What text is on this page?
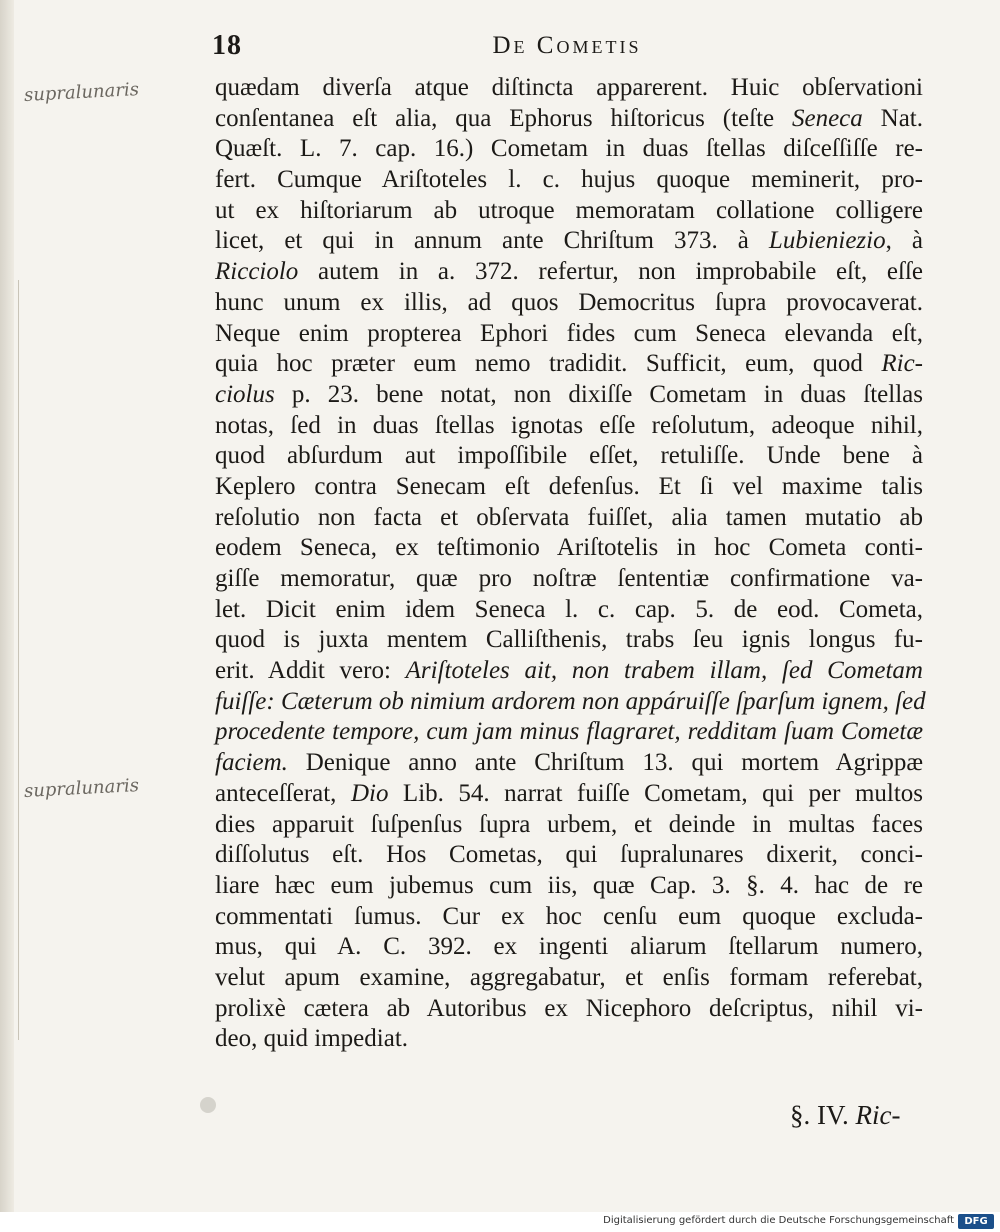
18	De Cometis
supralunaris
supralunaris
quædam diverſa atque diſtincta apparerent. Huic obſervationi
conſentanea eſt alia, qua Ephorus hiſtoricus (teſte Seneca Nat.
Quæſt. L. 7. cap. 16.) Cometam in duas ſtellas diſceſſiſſe re-
fert. Cumque Ariſtoteles l. c. hujus quoque meminerit, pro-
ut ex hiſtoriarum ab utroque memoratam collatione colligere
licet, et qui in annum ante Chriſtum 373. à Lubieniezio, à
Ricciolo autem in a. 372. refertur, non improbabile eſt, eſſe
hunc unum ex illis, ad quos Democritus ſupra provocaverat.
Neque enim propterea Ephori fides cum Seneca elevanda eſt,
quia hoc præter eum nemo tradidit. Sufficit, eum, quod Ric-
ciolus p. 23. bene notat, non dixiſſe Cometam in duas ſtellas
notas, ſed in duas ſtellas ignotas eſſe reſolutum, adeoque nihil,
quod abſurdum aut impoſſibile eſſet, retuliſſe. Unde bene à
Keplero contra Senecam eſt defenſus. Et ſi vel maxime talis
reſolutio non facta et obſervata fuiſſet, alia tamen mutatio ab
eodem Seneca, ex teſtimonio Ariſtotelis in hoc Cometa conti-
giſſe memoratur, quæ pro noſtræ ſententiæ confirmatione va-
let. Dicit enim idem Seneca l. c. cap. 5. de eod. Cometa,
quod is juxta mentem Calliſthenis, trabs ſeu ignis longus fu-
erit. Addit vero: Ariſtoteles ait, non trabem illam, ſed Cometam
fuiſſe: Cæterum ob nimium ardorem non appáruiſſe ſparſum ignem, ſed
procedente tempore, cum jam minus flagraret, redditam ſuam Cometæ
faciem. Denique anno ante Chriſtum 13. qui mortem Agrippæ
anteceſſerat, Dio Lib. 54. narrat fuiſſe Cometam, qui per multos
dies apparuit ſuſpenſus ſupra urbem, et deinde in multas faces
diſſolutus eſt. Hos Cometas, qui ſupralunares dixerit, conci-
liare hæc eum jubemus cum iis, quæ Cap. 3. §. 4. hac de re
commentati ſumus. Cur ex hoc cenſu eum quoque excluda-
mus, qui A. C. 392. ex ingenti aliarum ſtellarum numero,
velut apum examine, aggregabatur, et enſis formam referebat,
prolixè cætera ab Autoribus ex Nicephoro deſcriptus, nihil vi-
deo, quid impediat.
§. IV. Ric-
Digitalisierung gefördert durch die Deutsche Forschungsgemeinschaft	DFG
